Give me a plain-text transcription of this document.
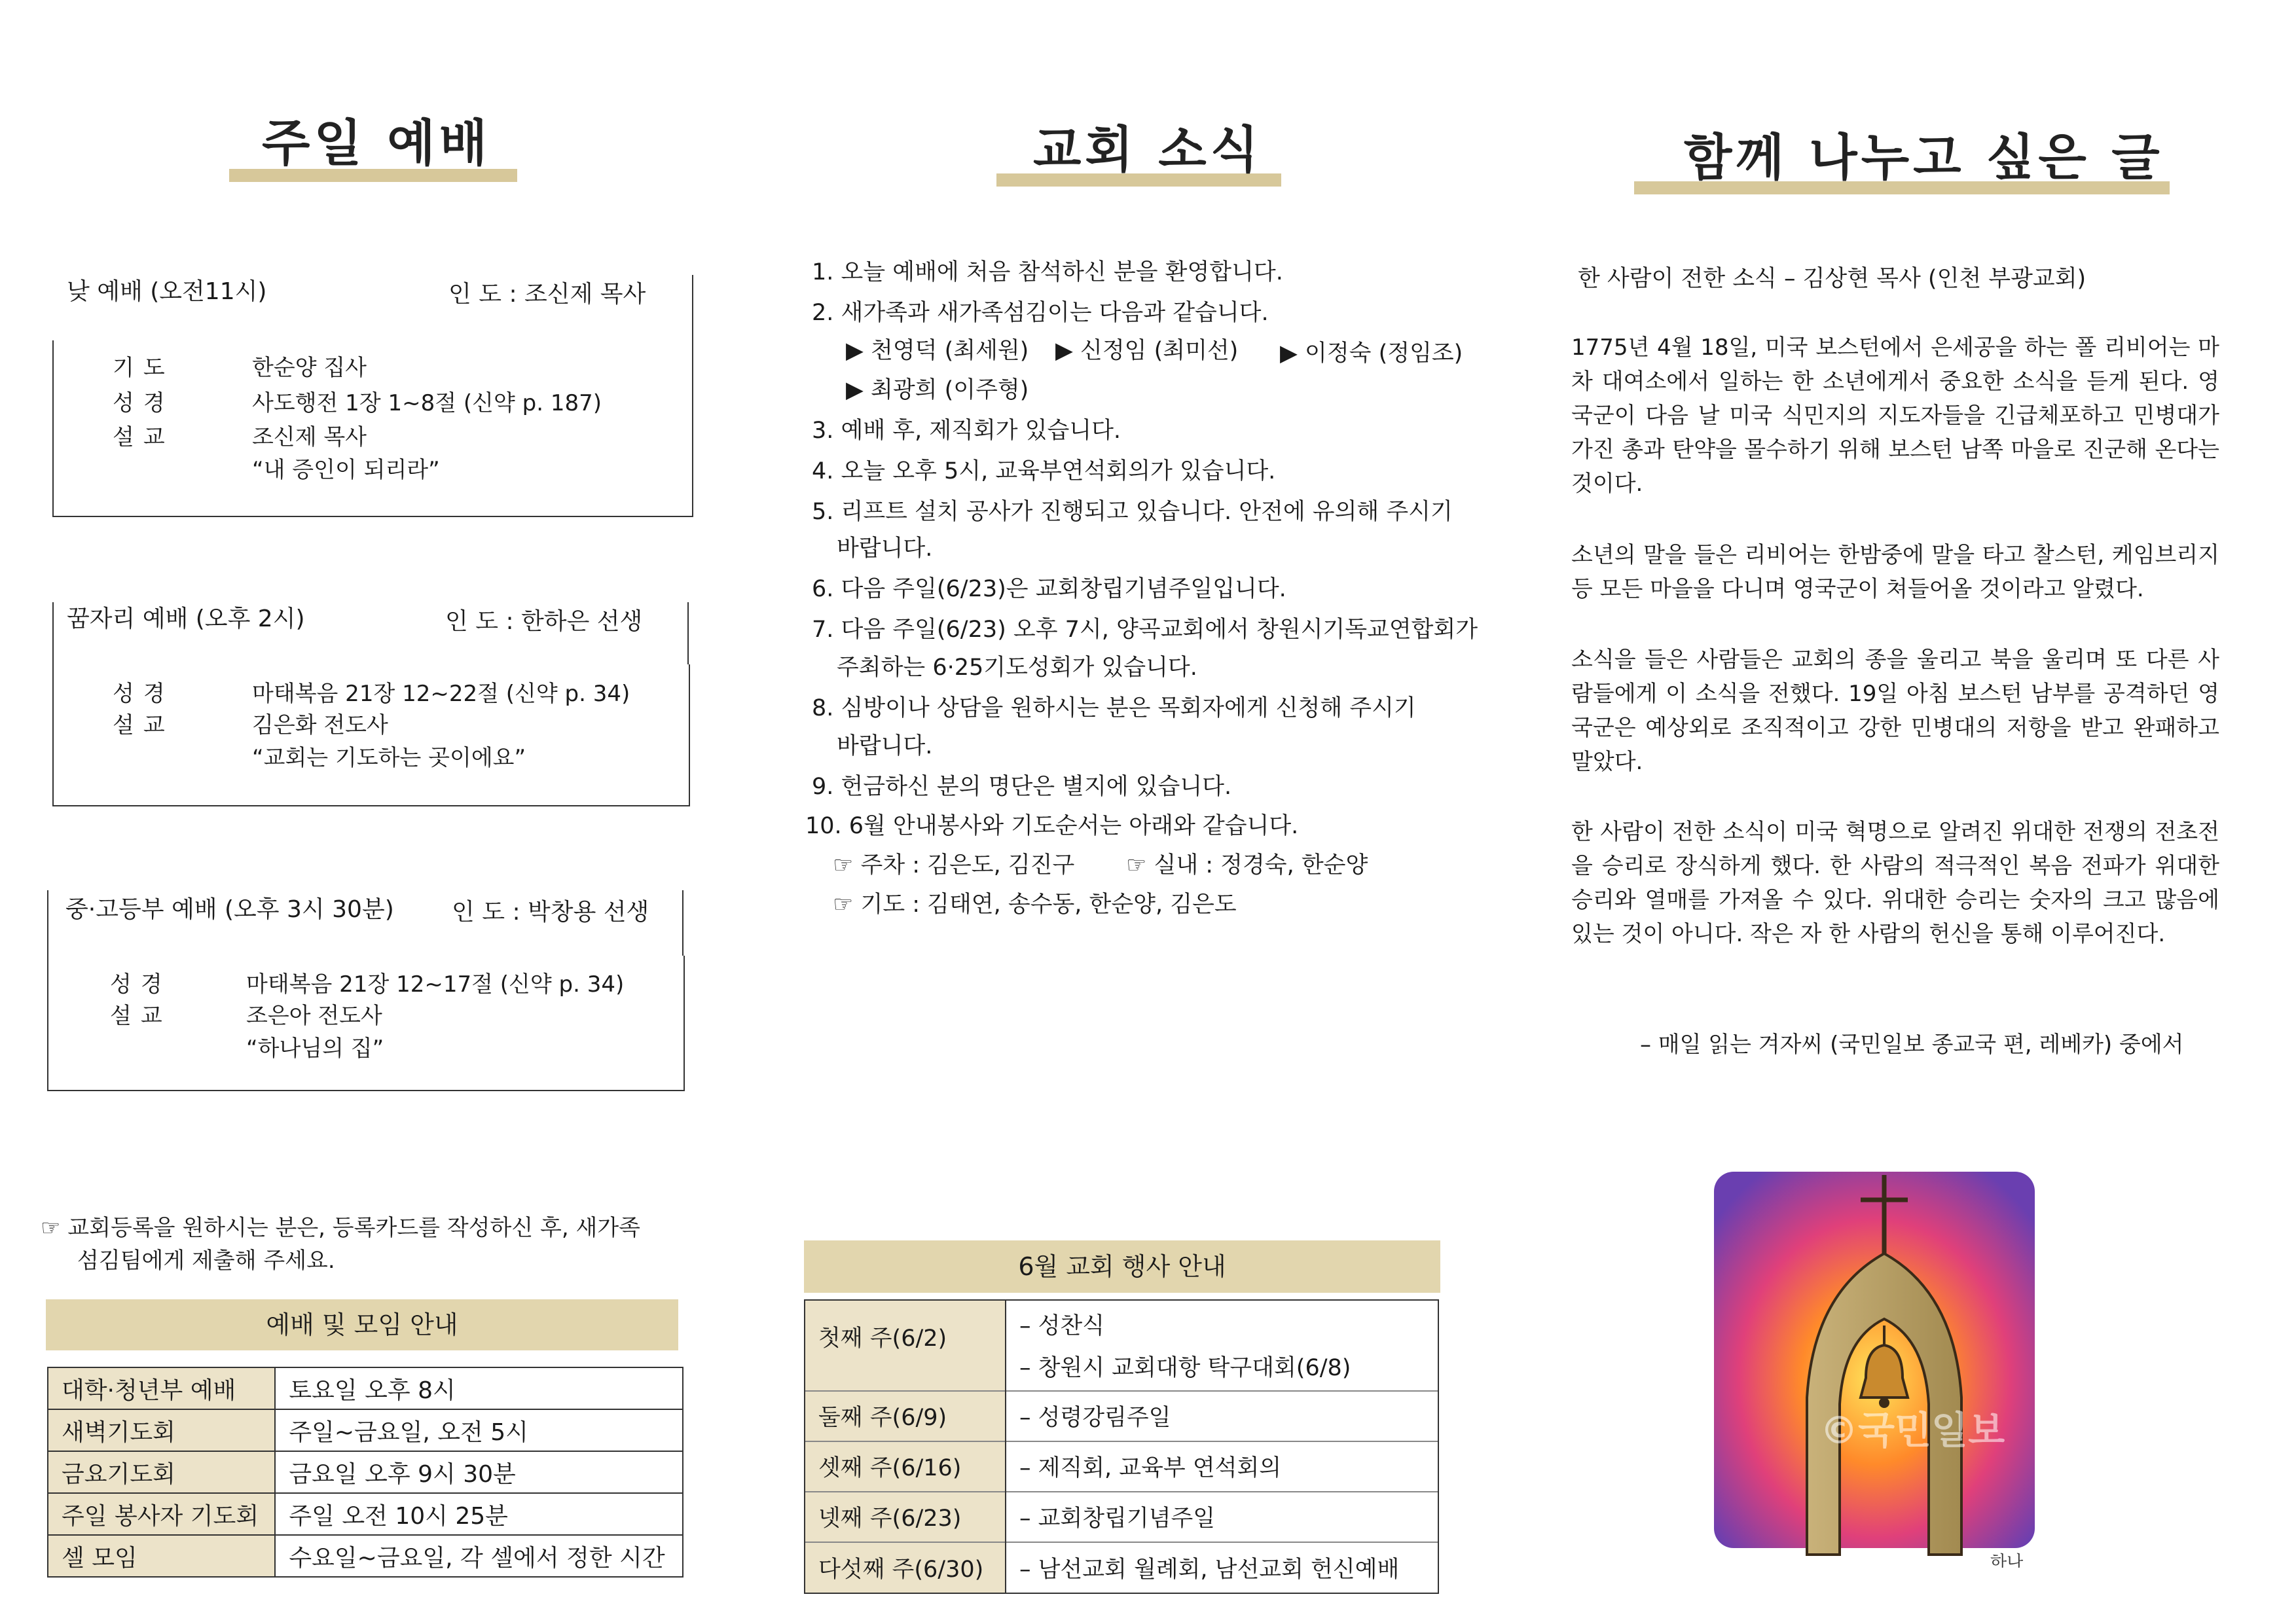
주일 예배
낮 예배 (오전11시)	인 도 : 조신제 목사
기도	한순양 집사
성경	사도행전 1장 1~8절 (신약 p. 187)
설교	조신제 목사
“내 증인이 되리라”
꿈자리 예배 (오후 2시)	인 도 : 한하은 선생
성경	마태복음 21장 12~22절 (신약 p. 34)
설교	김은화 전도사
“교회는 기도하는 곳이에요”
중·고등부 예배 (오후 3시 30분) 인 도 : 박창용 선생
성경	마태복음 21장 12~17절 (신약 p. 34)
설교	조은아 전도사
“하나님의 집”
☞ 교회등록을 원하시는 분은, 등록카드를 작성하신 후, 새가족
섬김팀에게 제출해 주세요.
예배 및 모임 안내
대학·청년부 예배	토요일 오후 8시
새벽기도회	주일~금요일, 오전 5시
금요기도회	금요일 오후 9시 30분
주일 봉사자 기도회	주일 오전 10시 25분
셀 모임	수요일~금요일, 각 셀에서 정한 시간
교회 소식
1. 오늘 예배에 처음 참석하신 분을 환영합니다.
2. 새가족과 새가족섬김이는 다음과 같습니다.
▶ 천영덕 (최세원) ▶ 신정임 (최미선) ▶ 이정숙 (정임조)
▶ 최광희 (이주형)
3. 예배 후, 제직회가 있습니다.
4. 오늘 오후 5시, 교육부연석회의가 있습니다.
5. 리프트 설치 공사가 진행되고 있습니다. 안전에 유의해 주시기
바랍니다.
6. 다음 주일(6/23)은 교회창립기념주일입니다.
7. 다음 주일(6/23) 오후 7시, 양곡교회에서 창원시기독교연합회가
주최하는 6·25기도성회가 있습니다.
8. 심방이나 상담을 원하시는 분은 목회자에게 신청해 주시기
바랍니다.
9. 헌금하신 분의 명단은 별지에 있습니다.
10. 6월 안내봉사와 기도순서는 아래와 같습니다.
☞ 주차 : 김은도, 김진구 ☞ 실내 : 정경숙, 한순양
☞ 기도 : 김태연, 송수동, 한순양, 김은도
6월 교회 행사 안내
첫째 주(6/2)	– 성찬식
– 창원시 교회대항 탁구대회(6/8)

둘째 주(6/9)	– 성령강림주일
셋째 주(6/16)	– 제직회, 교육부 연석회의
넷째 주(6/23)	– 교회창립기념주일
다섯째 주(6/30)	– 남선교회 월례회, 남선교회 헌신예배
함께 나누고 싶은 글
한 사람이 전한 소식 – 김상현 목사 (인천 부광교회)
1775년 4월 18일, 미국 보스턴에서 은세공을 하는 폴 리비어는 마차 대여소에서 일하는 한 소년에게서 중요한 소식을 듣게 된다. 영국군이 다음 날 미국 식민지의 지도자들을 긴급체포하고 민병대가 가진 총과 탄약을 몰수하기 위해 보스턴 남쪽 마을로 진군해 온다는 것이다.
소년의 말을 들은 리비어는 한밤중에 말을 타고 찰스턴, 케임브리지 등 모든 마을을 다니며 영국군이 쳐들어올 것이라고 알렸다.
소식을 들은 사람들은 교회의 종을 울리고 북을 울리며 또 다른 사람들에게 이 소식을 전했다. 19일 아침 보스턴 남부를 공격하던 영국군은 예상외로 조직적이고 강한 민병대의 저항을 받고 완패하고 말았다.
한 사람이 전한 소식이 미국 혁명으로 알려진 위대한 전쟁의 전초전을 승리로 장식하게 했다. 한 사람의 적극적인 복음 전파가 위대한 승리와 열매를 가져올 수 있다. 위대한 승리는 숫자의 크고 많음에 있는 것이 아니다. 작은 자 한 사람의 헌신을 통해 이루어진다.
– 매일 읽는 겨자씨 (국민일보 종교국 편, 레베카) 중에서
©국민일보
하나
